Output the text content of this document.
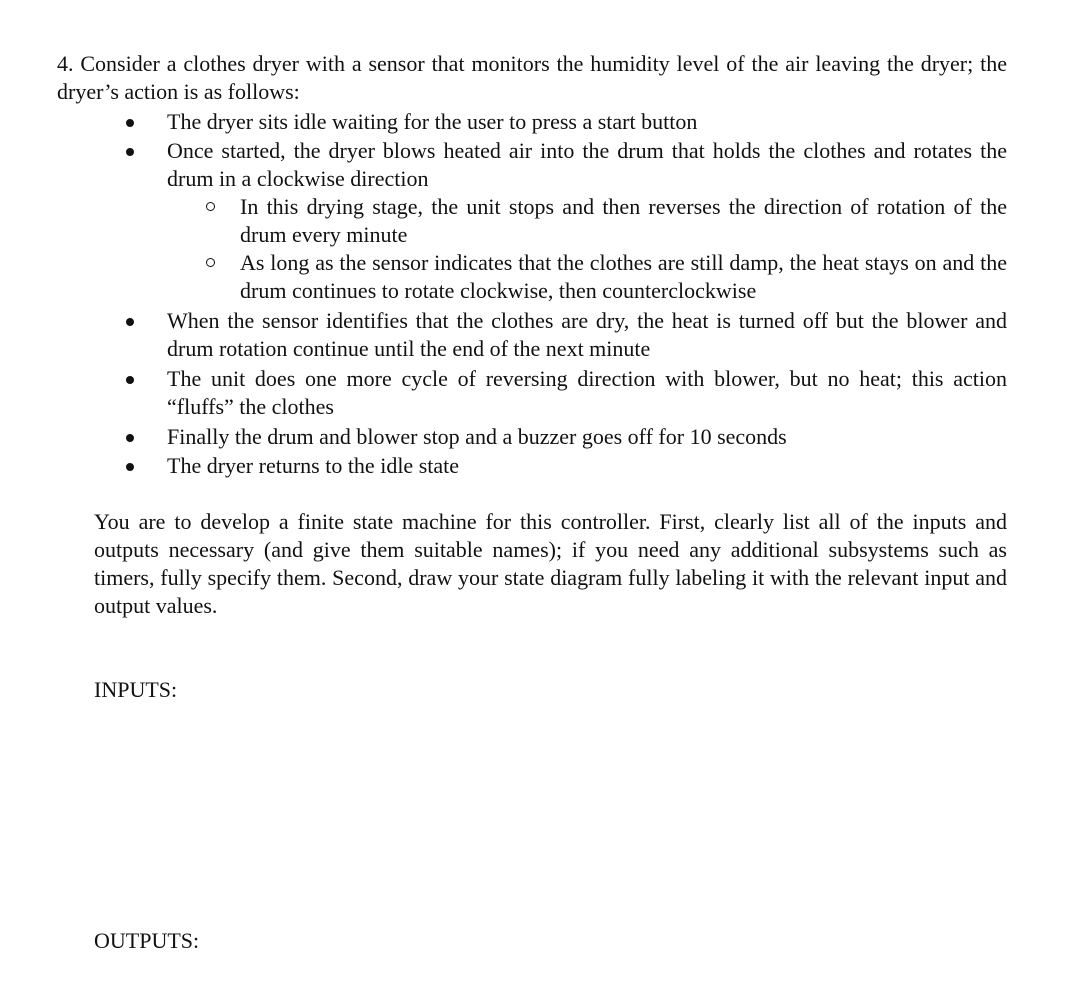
4. Consider a clothes dryer with a sensor that monitors the humidity level of the air leaving the dryer; the dryer’s action is as follows:
The dryer sits idle waiting for the user to press a start button
Once started, the dryer blows heated air into the drum that holds the clothes and rotates the drum in a clockwise direction
In this drying stage, the unit stops and then reverses the direction of rotation of the drum every minute
As long as the sensor indicates that the clothes are still damp, the heat stays on and the drum continues to rotate clockwise, then counterclockwise
When the sensor identifies that the clothes are dry, the heat is turned off but the blower and drum rotation continue until the end of the next minute
The unit does one more cycle of reversing direction with blower, but no heat; this action “fluffs” the clothes
Finally the drum and blower stop and a buzzer goes off for 10 seconds
The dryer returns to the idle state
You are to develop a finite state machine for this controller. First, clearly list all of the inputs and outputs necessary (and give them suitable names); if you need any additional subsystems such as timers, fully specify them. Second, draw your state diagram fully labeling it with the relevant input and output values.
INPUTS:
OUTPUTS:
